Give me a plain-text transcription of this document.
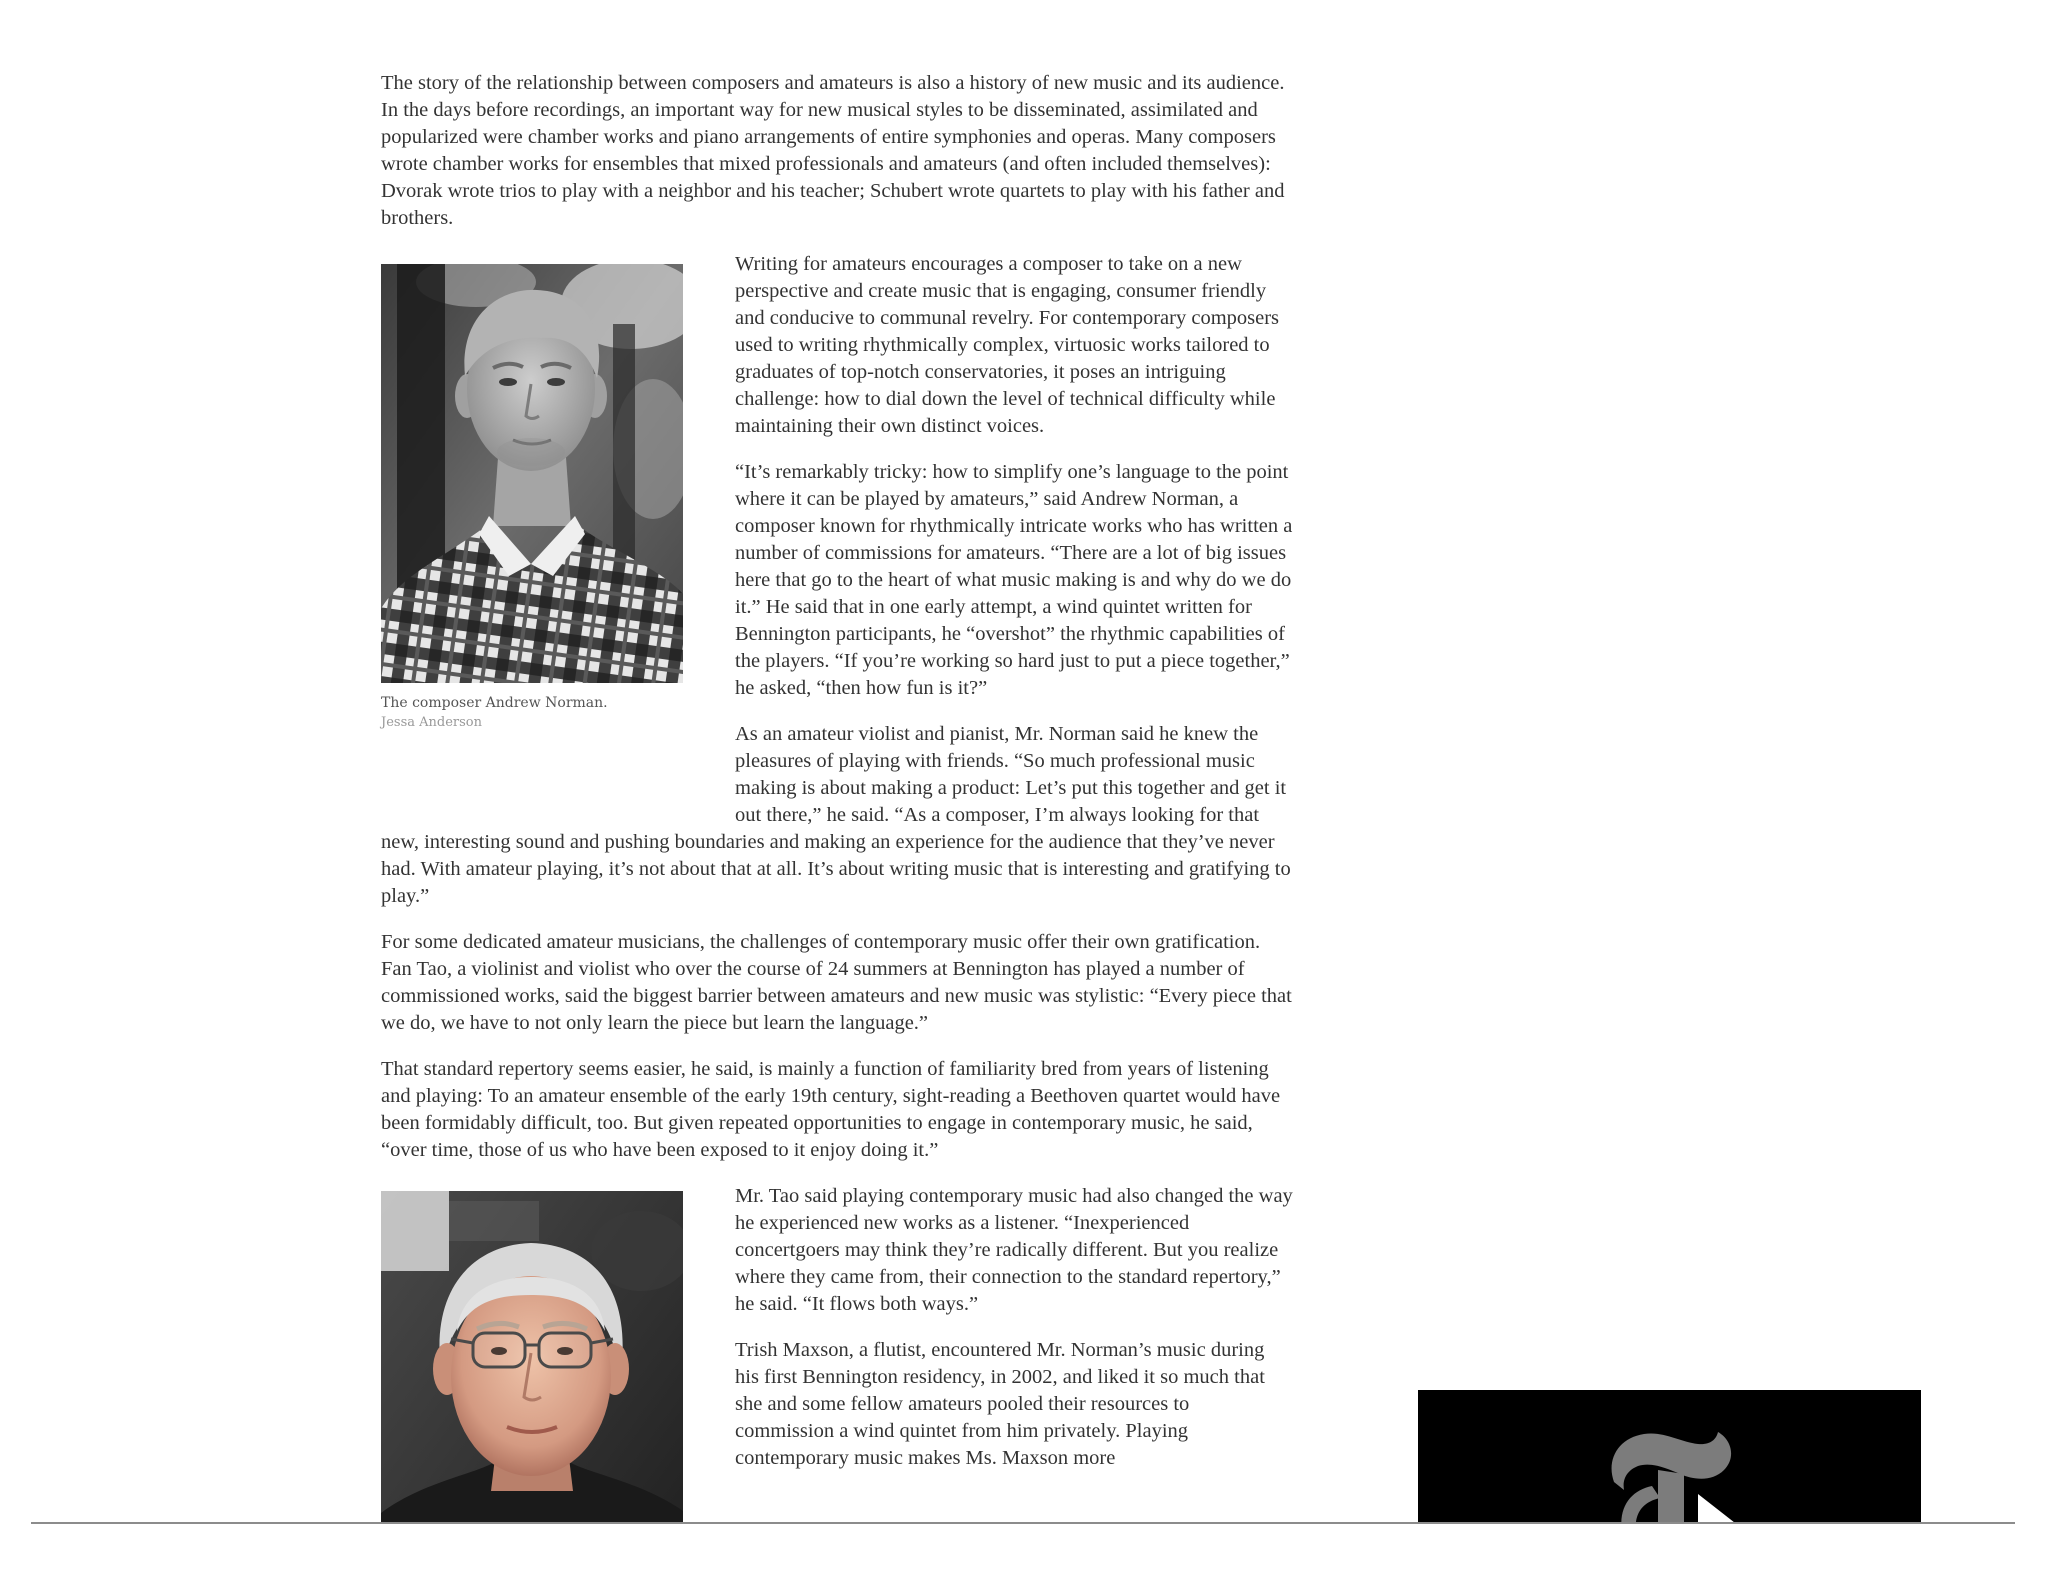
The story of the relationship between composers and amateurs is also a history of new music and its audience. In the days before recordings, an important way for new musical styles to be disseminated, assimilated and popularized were chamber works and piano arrangements of entire symphonies and operas. Many composers wrote chamber works for ensembles that mixed professionals and amateurs (and often included themselves): Dvorak wrote trios to play with a neighbor and his teacher; Schubert wrote quartets to play with his father and brothers.

The composer Andrew Norman.
Jessa Anderson

Writing for amateurs encourages a composer to take on a new perspective and create music that is engaging, consumer friendly and conducive to communal revelry. For contemporary composers used to writing rhythmically complex, virtuosic works tailored to graduates of top-notch conservatories, it poses an intriguing challenge: how to dial down the level of technical difficulty while maintaining their own distinct voices.

“It’s remarkably tricky: how to simplify one’s language to the point where it can be played by amateurs,” said Andrew Norman, a composer known for rhythmically intricate works who has written a number of commissions for amateurs. “There are a lot of big issues here that go to the heart of what music making is and why do we do it.” He said that in one early attempt, a wind quintet written for Bennington participants, he “overshot” the rhythmic capabilities of the players. “If you’re working so hard just to put a piece together,” he asked, “then how fun is it?”

As an amateur violist and pianist, Mr. Norman said he knew the pleasures of playing with friends. “So much professional music making is about making a product: Let’s put this together and get it out there,” he said. “As a composer, I’m always looking for that new, interesting sound and pushing boundaries and making an experience for the audience that they’ve never had. With amateur playing, it’s not about that at all. It’s about writing music that is interesting and gratifying to play.”

For some dedicated amateur musicians, the challenges of contemporary music offer their own gratification. Fan Tao, a violinist and violist who over the course of 24 summers at Bennington has played a number of commissioned works, said the biggest barrier between amateurs and new music was stylistic: “Every piece that we do, we have to not only learn the piece but learn the language.”

That standard repertory seems easier, he said, is mainly a function of familiarity bred from years of listening and playing: To an amateur ensemble of the early 19th century, sight-reading a Beethoven quartet would have been formidably difficult, too. But given repeated opportunities to engage in contemporary music, he said, “over time, those of us who have been exposed to it enjoy doing it.”

Mr. Tao said playing contemporary music had also changed the way he experienced new works as a listener. “Inexperienced concertgoers may think they’re radically different. But you realize where they came from, their connection to the standard repertory,” he said. “It flows both ways.”

Trish Maxson, a flutist, encountered Mr. Norman’s music during his first Bennington residency, in 2002, and liked it so much that she and some fellow amateurs pooled their resources to commission a wind quintet from him privately. Playing contemporary music makes Ms. Maxson more
